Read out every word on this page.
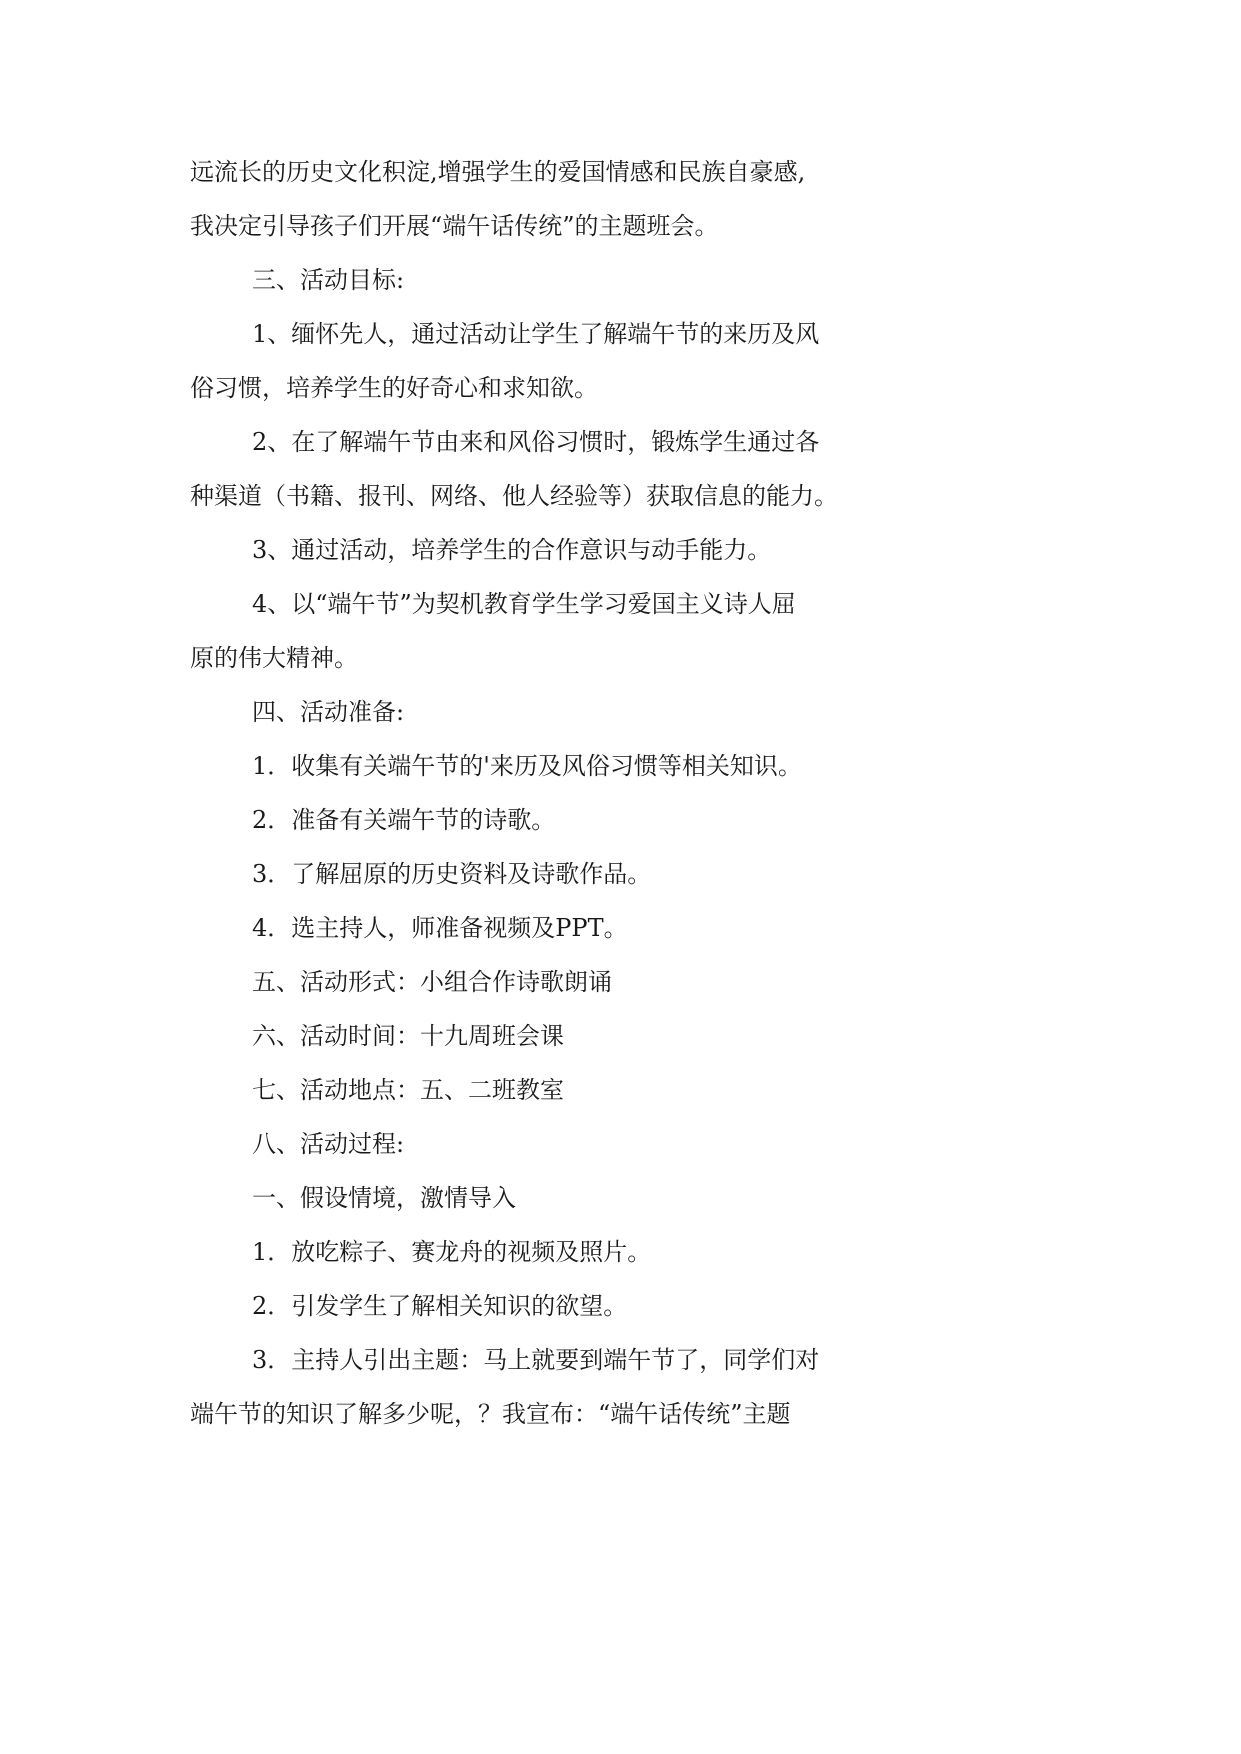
远流长的历史文化积淀,增强学生的爱国情感和民族自豪感,
我决定引导孩子们开展“端午话传统”的主题班会。
三、活动目标:
1、缅怀先人，通过活动让学生了解端午节的来历及风
俗习惯，培养学生的好奇心和求知欲。
2、在了解端午节由来和风俗习惯时，锻炼学生通过各
种渠道（书籍、报刊、网络、他人经验等）获取信息的能力。
3、通过活动，培养学生的合作意识与动手能力。
4、以“端午节”为契机教育学生学习爱国主义诗人屈
原的伟大精神。
四、活动准备:
1．收集有关端午节的'来历及风俗习惯等相关知识。
2．准备有关端午节的诗歌。
3．了解屈原的历史资料及诗歌作品。
4．选主持人，师准备视频及PPT。
五、活动形式：小组合作诗歌朗诵
六、活动时间：十九周班会课
七、活动地点：五、二班教室
八、活动过程:
一、假设情境，激情导入
1．放吃粽子、赛龙舟的视频及照片。
2．引发学生了解相关知识的欲望。
3．主持人引出主题：马上就要到端午节了，同学们对
端午节的知识了解多少呢，？我宣布：“端午话传统”主题
